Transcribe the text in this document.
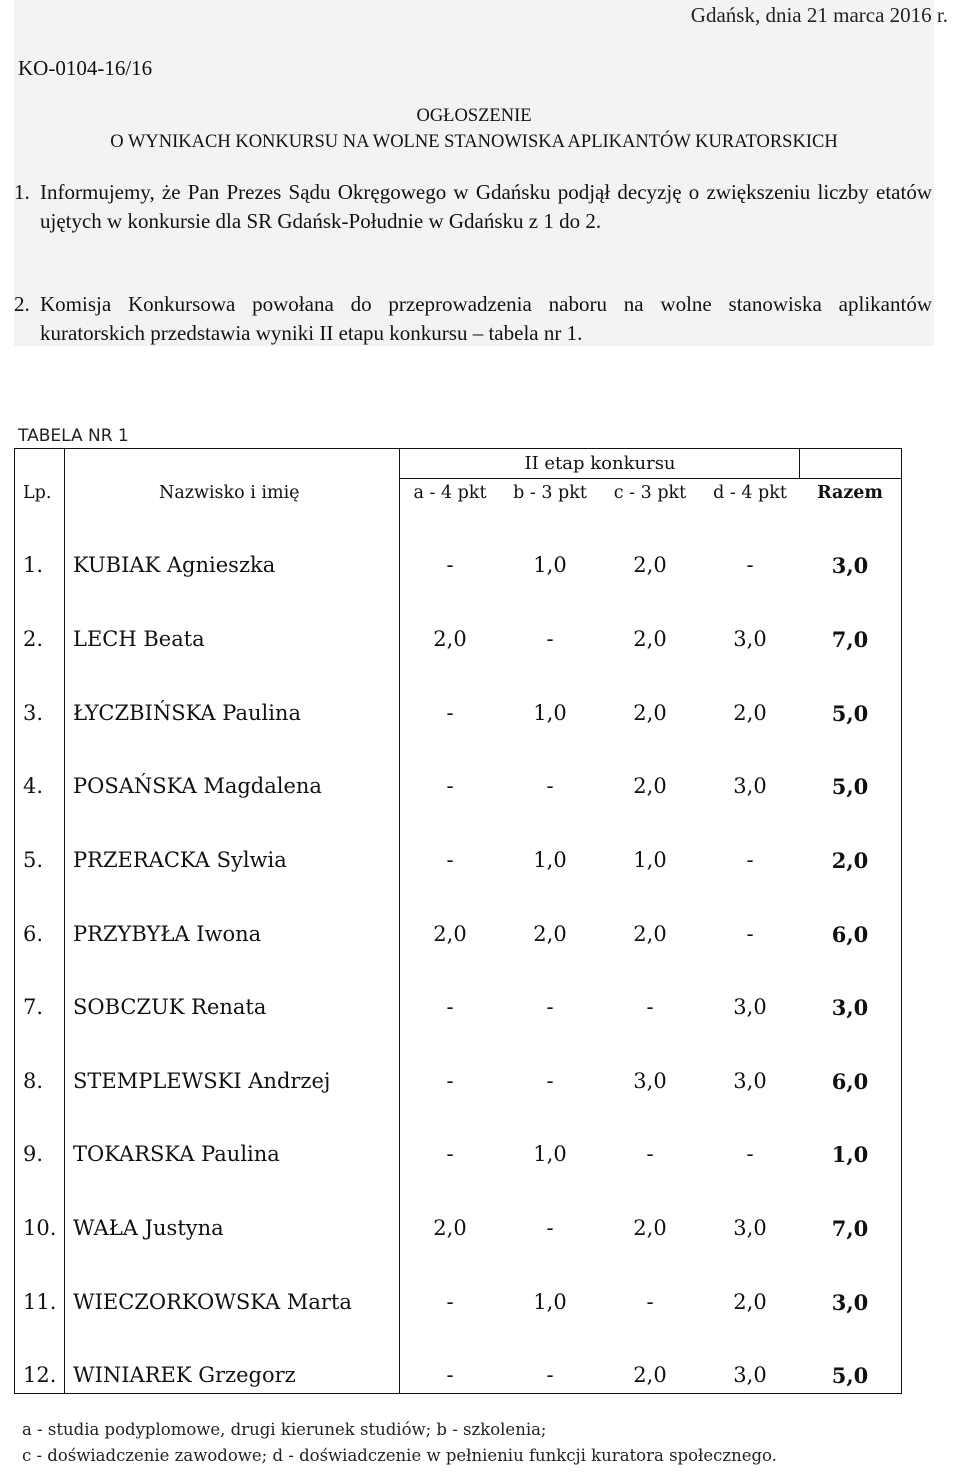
Gdańsk, dnia 21 marca 2016 r.
KO-0104-16/16
OGŁOSZENIE
O WYNIKACH KONKURSU NA WOLNE STANOWISKA APLIKANTÓW KURATORSKICH
1. Informujemy, że Pan Prezes Sądu Okręgowego w Gdańsku podjął decyzję o zwiększeniu liczby etatów ujętych w konkursie dla SR Gdańsk-Południe w Gdańsku z 1 do 2.
2. Komisja Konkursowa powołana do przeprowadzenia naboru na wolne stanowiska aplikantów kuratorskich przedstawia wyniki II etapu konkursu – tabela nr 1.
TABELA NR 1
II etap konkursu
Lp.	Nazwisko i imię	a - 4 pkt	b - 3 pkt	c - 3 pkt	d - 4 pkt	Razem
1. KUBIAK Agnieszka	-	1,0	2,0	-	3,0
2. LECH Beata	2,0	-	2,0	3,0	7,0
3. ŁYCZBIŃSKA Paulina	-	1,0	2,0	2,0	5,0
4. POSAŃSKA Magdalena	-	-	2,0	3,0	5,0
5. PRZERACKA Sylwia	-	1,0	1,0	-	2,0
6. PRZYBYŁA Iwona	2,0	2,0	2,0	-	6,0
7. SOBCZUK Renata	-	-	-	3,0	3,0
8. STEMPLEWSKI Andrzej	-	-	3,0	3,0	6,0
9. TOKARSKA Paulina	-	1,0	-	-	1,0
10. WAŁA Justyna	2,0	-	2,0	3,0	7,0
11. WIECZORKOWSKA Marta	-	1,0	-	2,0	3,0
12. WINIAREK Grzegorz	-	-	2,0	3,0	5,0
a - studia podyplomowe, drugi kierunek studiów; b - szkolenia;
c - doświadczenie zawodowe; d - doświadczenie w pełnieniu funkcji kuratora społecznego.
